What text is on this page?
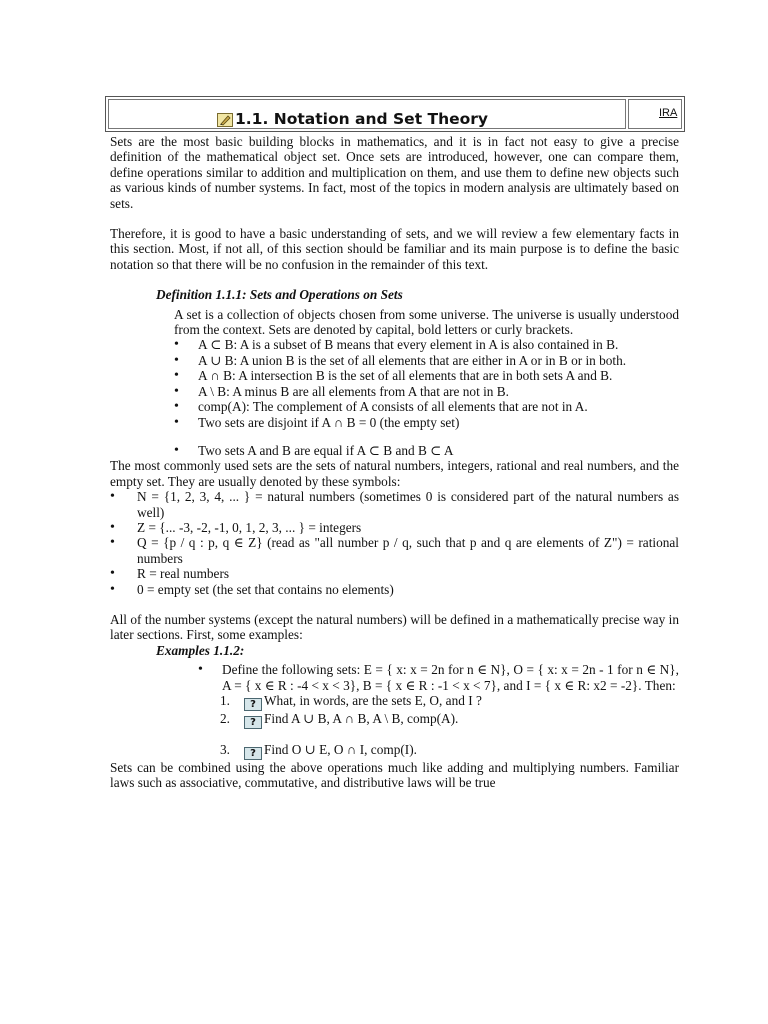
1.1. Notation and Set Theory	IRA

Sets are the most basic building blocks in mathematics, and it is in fact not easy to give a precise definition of the mathematical object set. Once sets are introduced, however, one can compare them, define operations similar to addition and multiplication on them, and use them to define new objects such as various kinds of number systems. In fact, most of the topics in modern analysis are ultimately based on sets.

Therefore, it is good to have a basic understanding of sets, and we will review a few elementary facts in this section. Most, if not all, of this section should be familiar and its main purpose is to define the basic notation so that there will be no confusion in the remainder of this text.

Definition 1.1.1: Sets and Operations on Sets

A set is a collection of objects chosen from some universe. The universe is usually understood from the context. Sets are denoted by capital, bold letters or curly brackets.

• A ⊂ B: A is a subset of B means that every element in A is also contained in B.
• A ∪ B: A union B is the set of all elements that are either in A or in B or in both.
• A ∩ B: A intersection B is the set of all elements that are in both sets A and B.
• A \ B: A minus B are all elements from A that are not in B.
• comp(A): The complement of A consists of all elements that are not in A.
• Two sets are disjoint if A ∩ B = 0 (the empty set)
• Two sets A and B are equal if A ⊂ B and B ⊂ A

The most commonly used sets are the sets of natural numbers, integers, rational and real numbers, and the empty set. They are usually denoted by these symbols:

• N = {1, 2, 3, 4, ... } = natural numbers (sometimes 0 is considered part of the natural numbers as well)
• Z = {... -3, -2, -1, 0, 1, 2, 3, ... } = integers
• Q = {p / q : p, q ∈ Z} (read as "all number p / q, such that p and q are elements of Z") = rational numbers
• R = real numbers
• 0 = empty set (the set that contains no elements)

All of the number systems (except the natural numbers) will be defined in a mathematically precise way in later sections. First, some examples:

Examples 1.1.2:
• Define the following sets: E = { x: x = 2n for n ∈ N}, O = { x: x = 2n - 1 for n ∈ N}, A = { x ∈ R : -4 < x < 3}, B = { x ∈ R : -1 < x < 7}, and I = { x ∈ R: x2 = -2}. Then:
1. ? What, in words, are the sets E, O, and I ?
2. ? Find A ∪ B, A ∩ B, A \ B, comp(A).
3. ? Find O ∪ E, O ∩ I, comp(I).

Sets can be combined using the above operations much like adding and multiplying numbers. Familiar laws such as associative, commutative, and distributive laws will be true
